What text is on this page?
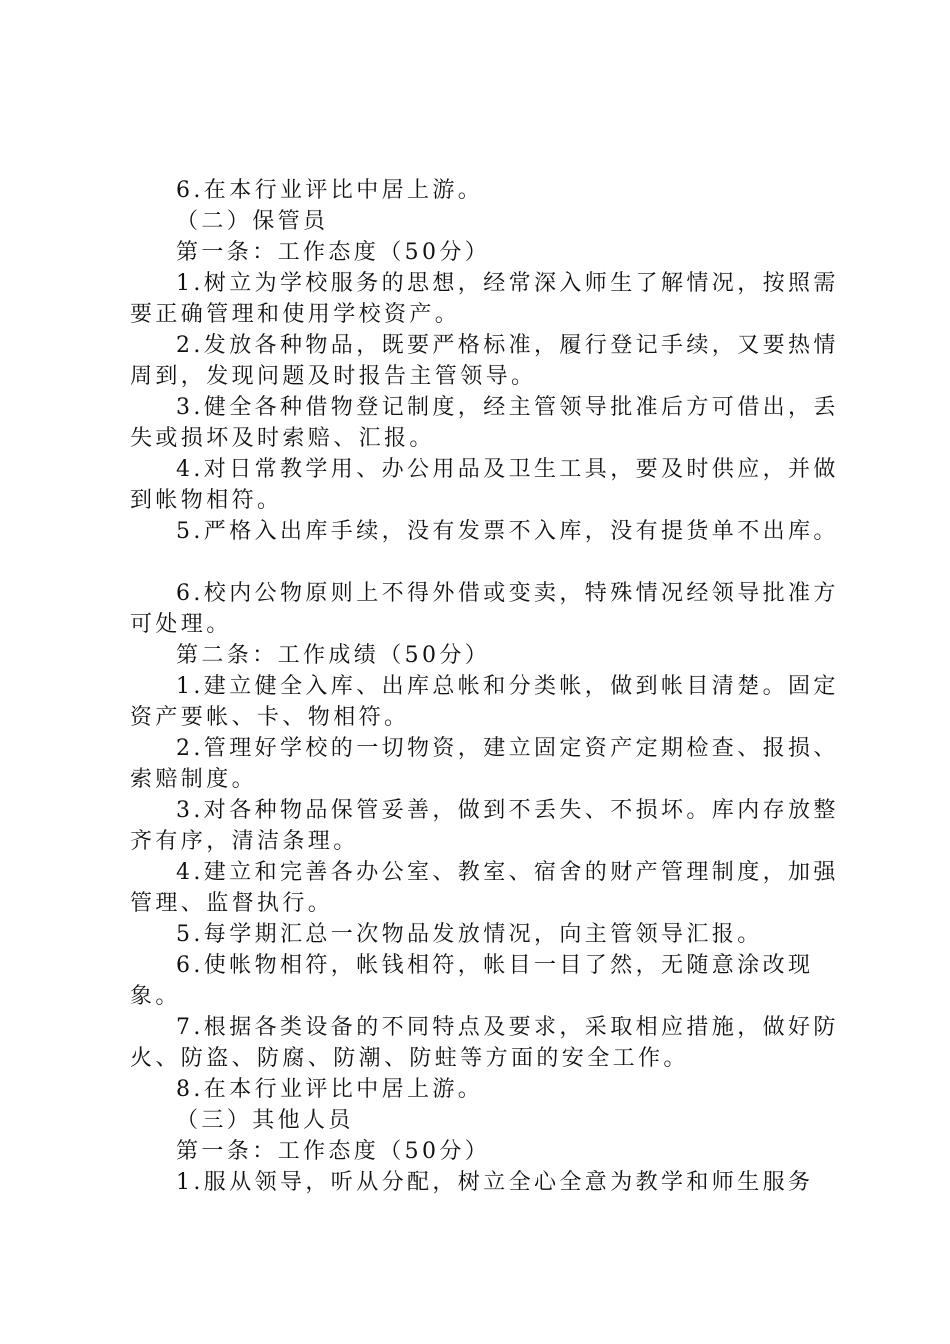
6.在本行业评比中居上游。

（二）保管员

第一条：工作态度（50分）

1.树立为学校服务的思想，经常深入师生了解情况，按照需要正确管理和使用学校资产。

2.发放各种物品，既要严格标准，履行登记手续，又要热情周到，发现问题及时报告主管领导。

3.健全各种借物登记制度，经主管领导批准后方可借出，丢失或损坏及时索赔、汇报。

4.对日常教学用、办公用品及卫生工具，要及时供应，并做到帐物相符。

5.严格入出库手续，没有发票不入库，没有提货单不出库。

6.校内公物原则上不得外借或变卖，特殊情况经领导批准方可处理。

第二条：工作成绩（50分）

1.建立健全入库、出库总帐和分类帐，做到帐目清楚。固定资产要帐、卡、物相符。

2.管理好学校的一切物资，建立固定资产定期检查、报损、索赔制度。

3.对各种物品保管妥善，做到不丢失、不损坏。库内存放整齐有序，清洁条理。

4.建立和完善各办公室、教室、宿舍的财产管理制度，加强管理、监督执行。

5.每学期汇总一次物品发放情况，向主管领导汇报。

6.使帐物相符，帐钱相符，帐目一目了然，无随意涂改现象。

7.根据各类设备的不同特点及要求，采取相应措施，做好防火、防盗、防腐、防潮、防蛀等方面的安全工作。

8.在本行业评比中居上游。

（三）其他人员

第一条：工作态度（50分）

1.服从领导，听从分配，树立全心全意为教学和师生服务
